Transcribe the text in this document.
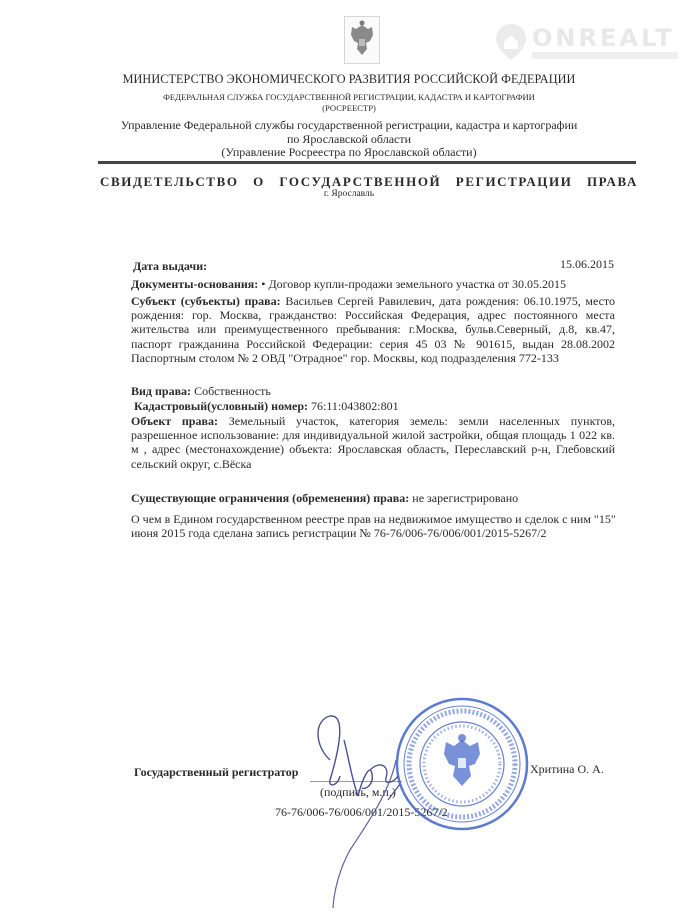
ONREALT
МИНИСТЕРСТВО ЭКОНОМИЧЕСКОГО РАЗВИТИЯ РОССИЙСКОЙ ФЕДЕРАЦИИ
ФЕДЕРАЛЬНАЯ СЛУЖБА ГОСУДАРСТВЕННОЙ РЕГИСТРАЦИИ, КАДАСТРА И КАРТОГРАФИИ
(РОСРЕЕСТР)
Управление Федеральной службы государственной регистрации, кадастра и картографии
по Ярославской области
(Управление Росреестра по Ярославской области)
СВИДЕТЕЛЬСТВО О ГОСУДАРСТВЕННОЙ РЕГИСТРАЦИИ ПРАВА
г. Ярославль
Дата выдачи:	15.06.2015
Документы-основания: • Договор купли-продажи земельного участка от 30.05.2015
Субъект (субъекты) права: Васильев Сергей Равилевич, дата рождения: 06.10.1975, место рождения: гор. Москва, гражданство: Российская Федерация, адрес постоянного места жительства или преимущественного пребывания: г.Москва, бульв.Северный, д.8, кв.47, паспорт гражданина Российской Федерации: серия 45 03 № 901615, выдан 28.08.2002 Паспортным столом № 2 ОВД "Отрадное" гор. Москвы, код подразделения 772-133
Вид права: Собственность
Кадастровый(условный) номер: 76:11:043802:801
Объект права: Земельный участок, категория земель: земли населенных пунктов, разрешенное использование: для индивидуальной жилой застройки, общая площадь 1 022 кв. м , адрес (местонахождение) объекта: Ярославская область, Переславский р-н, Глебовский сельский округ, с.Вёска
Существующие ограничения (обременения) права: не зарегистрировано
О чем в Едином государственном реестре прав на недвижимое имущество и сделок с ним "15" июня 2015 года сделана запись регистрации № 76-76/006-76/006/001/2015-5267/2
Государственный регистратор	Хритина О. А.
(подпись, м.п.)
76-76/006-76/006/001/2015-5267/2
